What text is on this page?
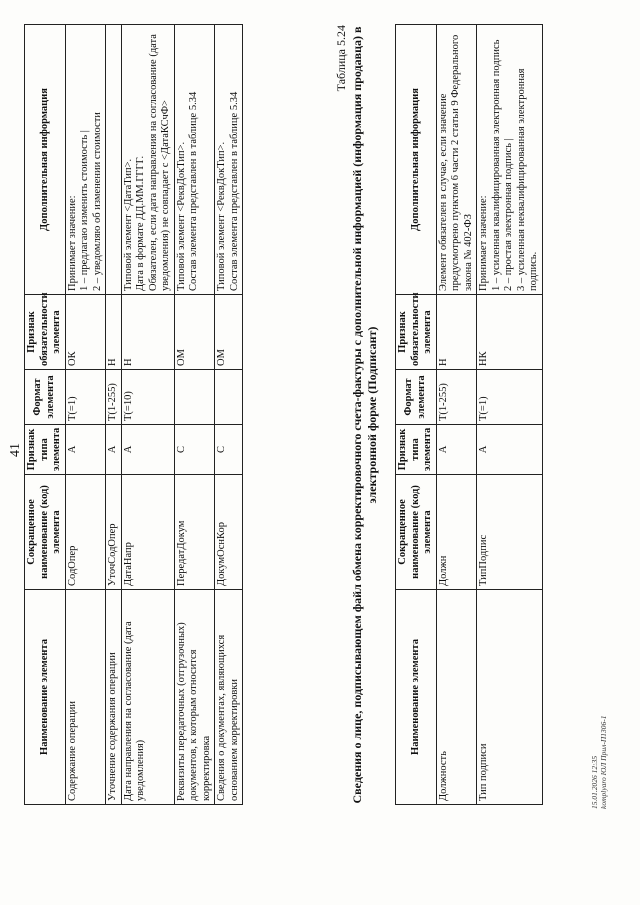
41
Наименование элемента	Сокращенное наименование (код) элемента	Признак типа элемента	Формат элемента	Признак обязательности элемента	Дополнительная информация
Содержание операции	СодОпер	А	T(=1)	ОК	Принимает значение: 1 – предлагаю изменить стоимость | 2 – уведомляю об изменении стоимости

Уточнение содержания операции	УточСодОпер	А	T(1-255)	Н	
Дата направления на согласование (дата уведомления)	ДатаНапр	А	T(=10)	Н	Типовой элемент <ДатаТип>. Дата в формате ДД.ММ.ГГГГ. Обязателен, если дата направления на согласование (дата уведомления) не совпадает с <ДатаКСчФ>

Реквизиты передаточных (отгрузочных) документов, к которым относится корректировка	ПередатДокум	С		ОМ	Типовой элемент <РеквДокТип>. Состав элемента представлен в таблице 5.34

Сведения о документах, являющихся основанием корректировки	ДокумОснКор	С		ОМ	Типовой элемент <РеквДокТип>. Состав элемента представлен в таблице 5.34
Таблица 5.24 Сведения о лице, подписывающем файл обмена корректировочного счета-фактуры с дополнительной информацией (информация продавца) в электронной форме (Подписант)
Наименование элемента	Сокращенное наименование (код) элемента	Признак типа элемента	Формат элемента	Признак обязательности элемента	Дополнительная информация
Должность	Должн	А	T(1-255)	Н	Элемент обязателен в случае, если значение предусмотрено пунктом 6 части 2 статьи 9 Федерального закона № 402-ФЗ

Тип подписи	ТипПодпис	А	T(=1)	НК	Принимает значение: 1 – усиленная квалифицированная электронная подпись 2 – простая электронная подпись | 3 – усиленная неквалифицированная электронная подпись.
15.01.2026 12:35 komplyaro ЮЛ Прил-П1306-1
